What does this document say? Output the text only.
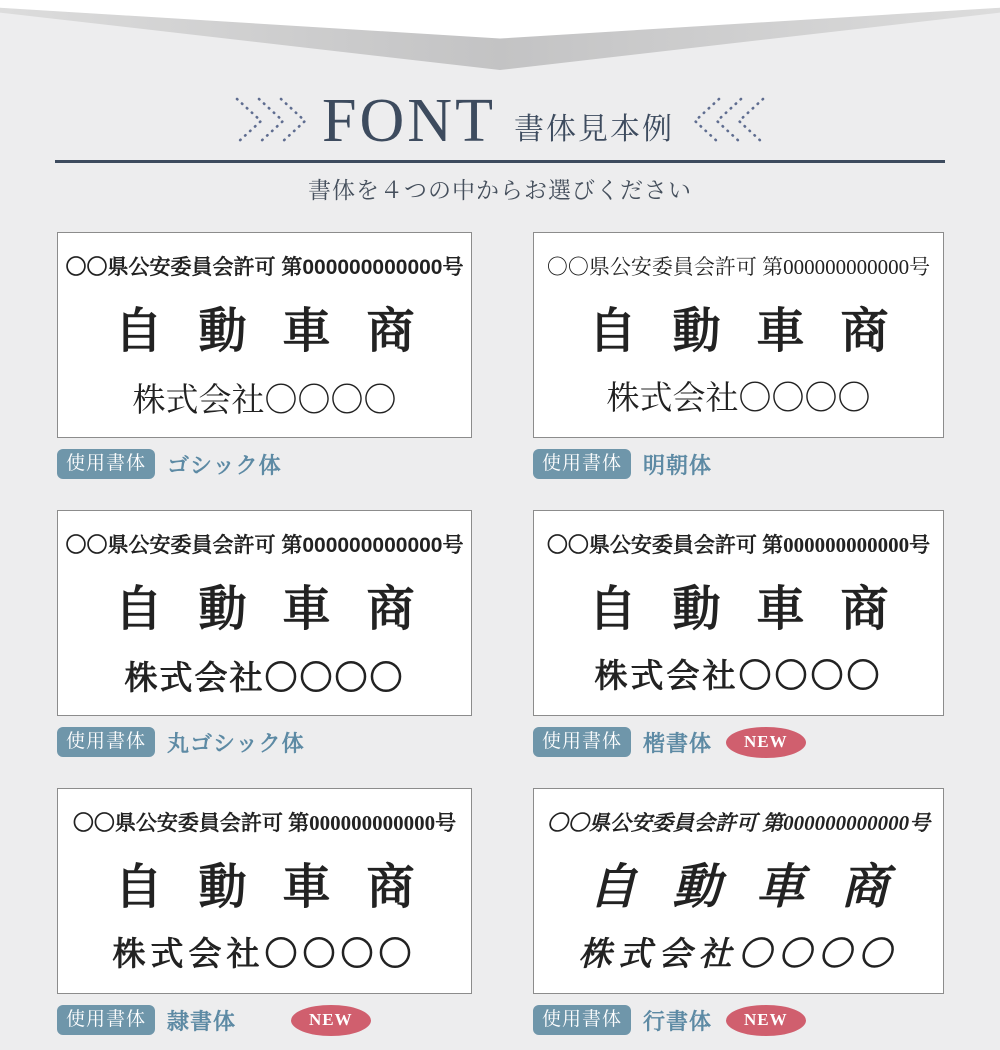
FONT 書体見本例
書体を４つの中からお選びください
〇〇県公安委員会許可 第000000000000号
自動車商
株式会社〇〇〇〇
使用書体 ゴシック体
〇〇県公安委員会許可 第000000000000号
自動車商
株式会社〇〇〇〇
使用書体 明朝体
〇〇県公安委員会許可 第000000000000号
自動車商
株式会社〇〇〇〇
使用書体 丸ゴシック体
〇〇県公安委員会許可 第000000000000号
自動車商
株式会社〇〇〇〇
使用書体 楷書体	NEW
〇〇県公安委員会許可 第000000000000号
自動車商
株式会社〇〇〇〇
使用書体 隷書体	NEW
〇〇県公安委員会許可 第000000000000号
自動車商
株式会社〇〇〇〇
使用書体 行書体	NEW
